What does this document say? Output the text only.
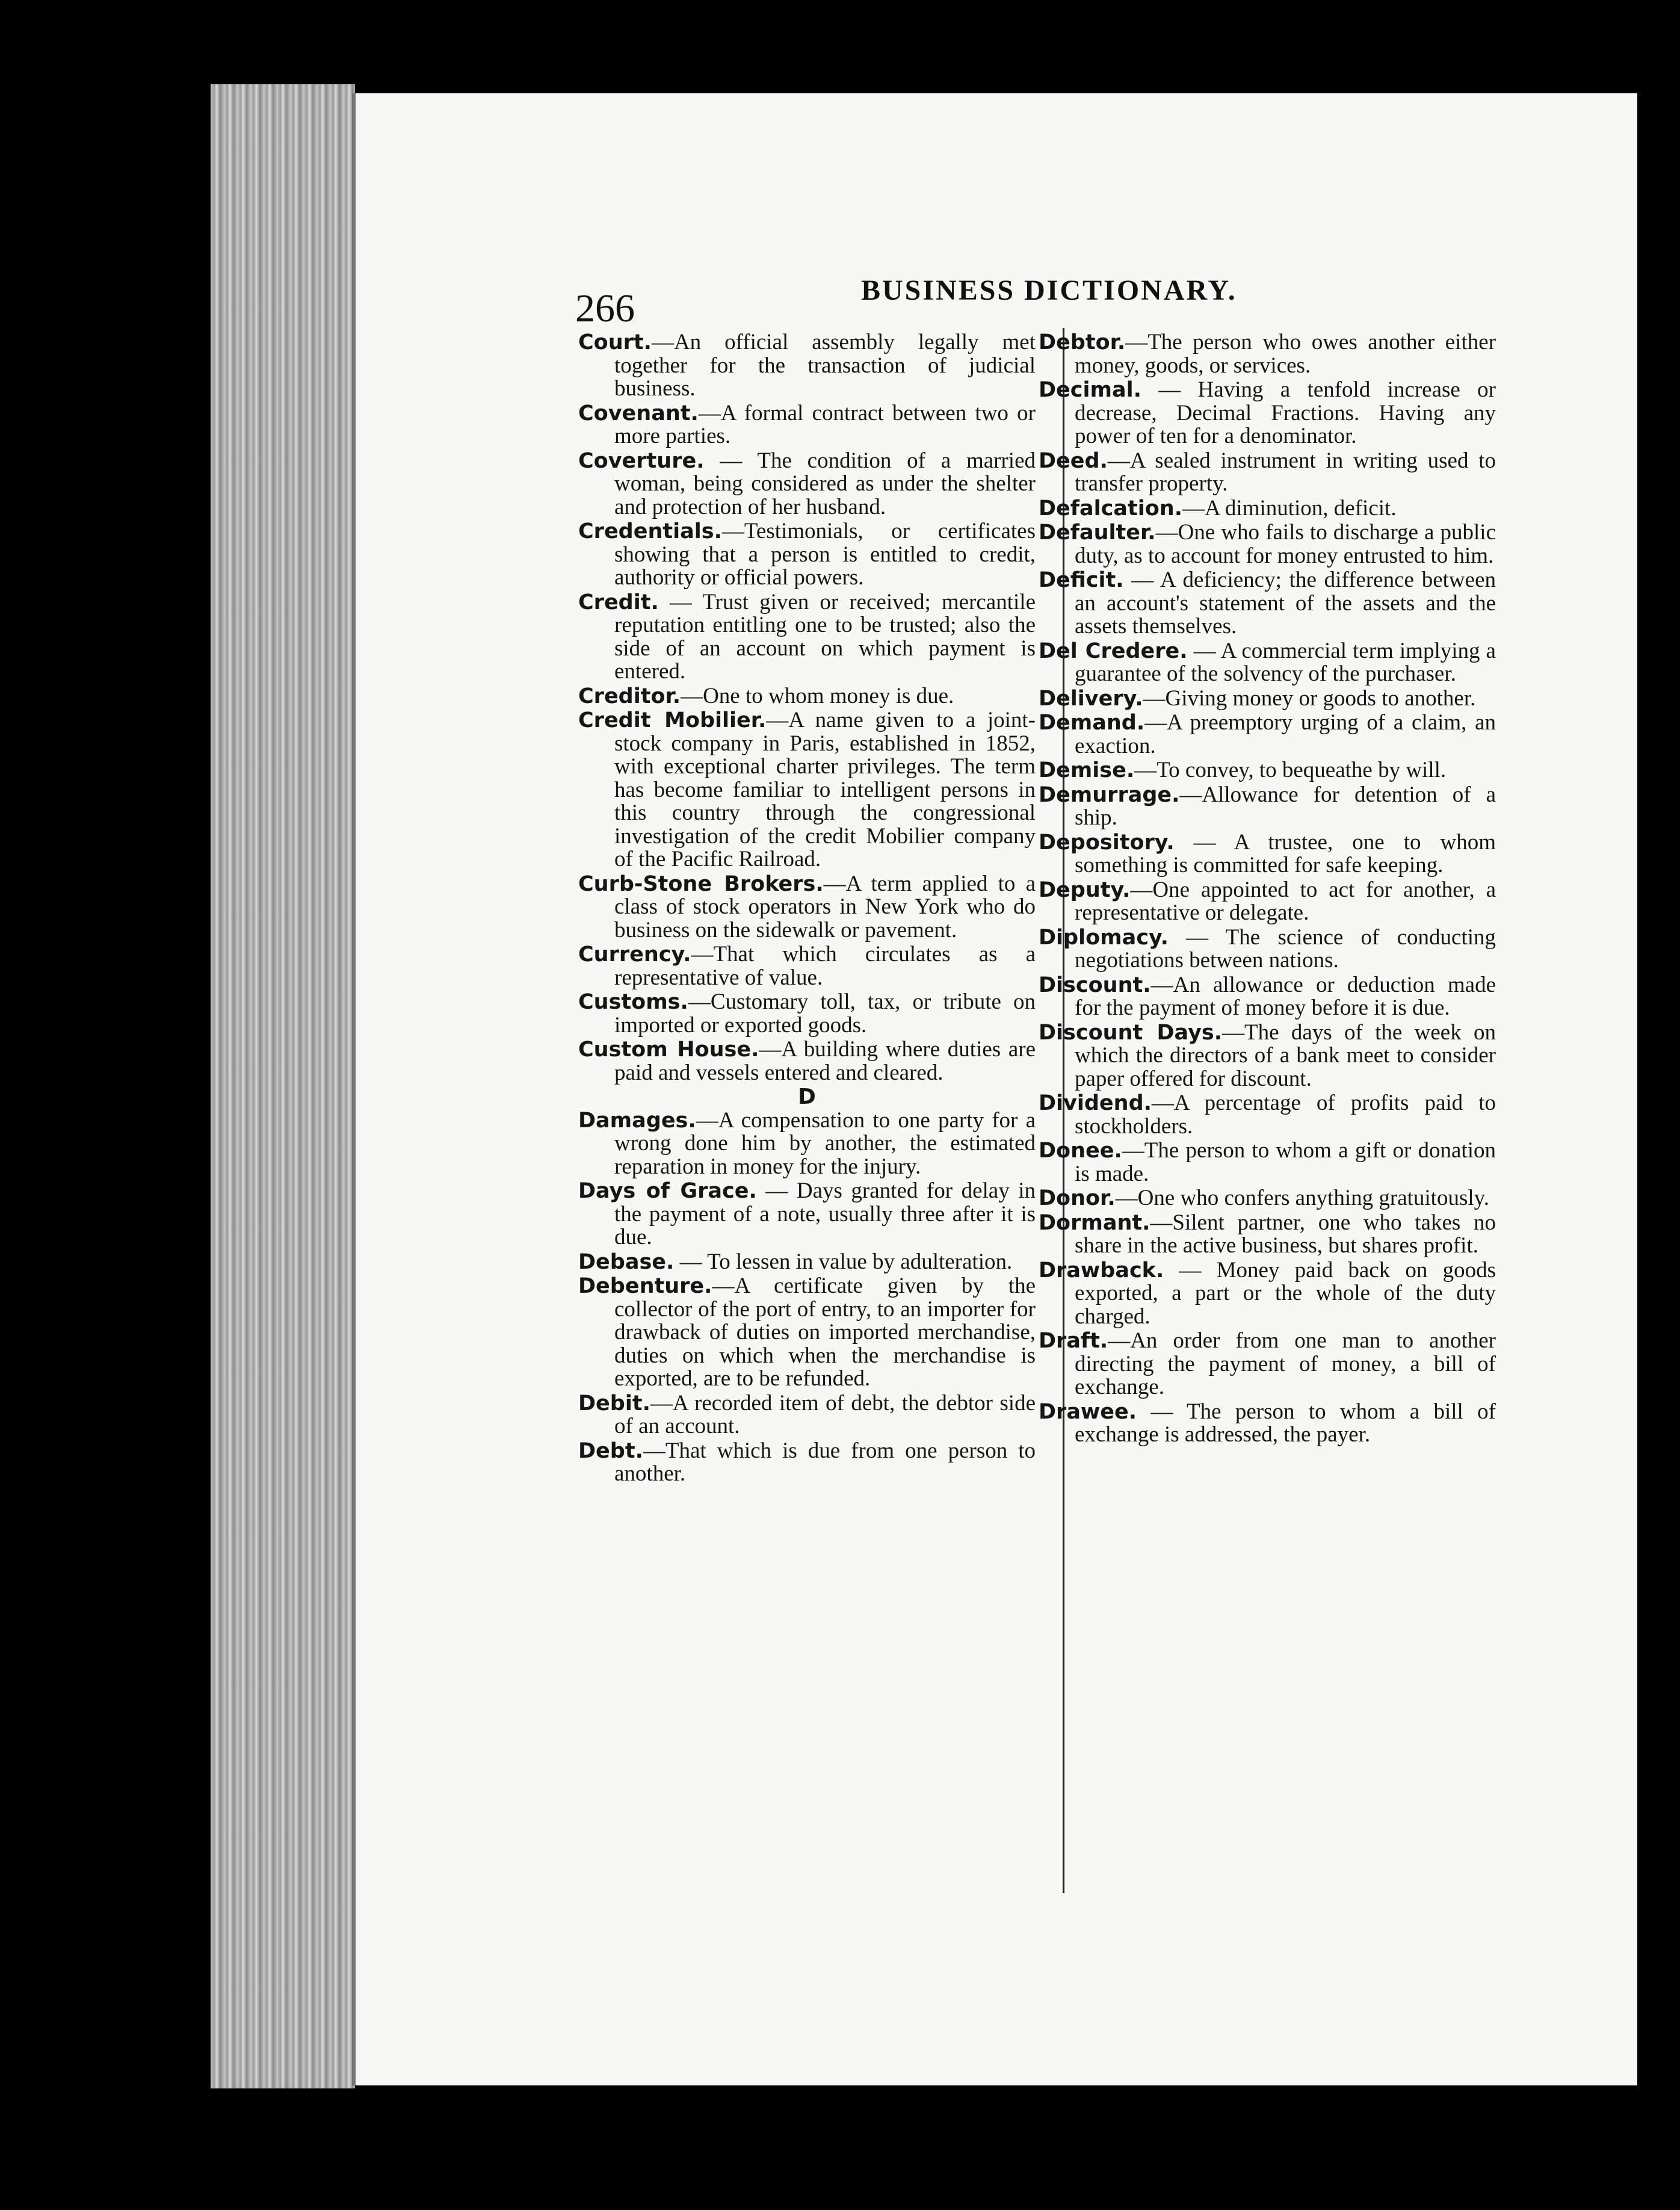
266	BUSINESS DICTIONARY.

Court.—An official assembly legally met together for the transaction of judicial business.

Covenant.—A formal contract between two or more parties.

Coverture. — The condition of a married woman, being considered as under the shelter and protection of her husband.

Credentials.—Testimonials, or certificates showing that a person is entitled to credit, authority or official powers.

Credit. — Trust given or received; mercantile reputation entitling one to be trusted; also the side of an account on which payment is entered.

Creditor.—One to whom money is due.

Credit Mobilier.—A name given to a joint-stock company in Paris, established in 1852, with exceptional charter privileges. The term has become familiar to intelligent persons in this country through the congressional investigation of the credit Mobilier company of the Pacific Railroad.

Curb-Stone Brokers.—A term applied to a class of stock operators in New York who do business on the sidewalk or pavement.

Currency.—That which circulates as a representative of value.

Customs.—Customary toll, tax, or tribute on imported or exported goods.

Custom House.—A building where duties are paid and vessels entered and cleared.

D

Damages.—A compensation to one party for a wrong done him by another, the estimated reparation in money for the injury.

Days of Grace. — Days granted for delay in the payment of a note, usually three after it is due.

Debase. — To lessen in value by adulteration.

Debenture.—A certificate given by the collector of the port of entry, to an importer for drawback of duties on imported merchandise, duties on which when the merchandise is exported, are to be refunded.

Debit.—A recorded item of debt, the debtor side of an account.

Debt.—That which is due from one person to another.

Debtor.—The person who owes another either money, goods, or services.

Decimal. — Having a tenfold increase or decrease, Decimal Fractions. Having any power of ten for a denominator.

Deed.—A sealed instrument in writing used to transfer property.

Defalcation.—A diminution, deficit.

Defaulter.—One who fails to discharge a public duty, as to account for money entrusted to him.

Deficit. — A deficiency; the difference between an account's statement of the assets and the assets themselves.

Del Credere. — A commercial term implying a guarantee of the solvency of the purchaser.

Delivery.—Giving money or goods to another.

Demand.—A preemptory urging of a claim, an exaction.

Demise.—To convey, to bequeathe by will.

Demurrage.—Allowance for detention of a ship.

Depository. — A trustee, one to whom something is committed for safe keeping.

Deputy.—One appointed to act for another, a representative or delegate.

Diplomacy. — The science of conducting negotiations between nations.

Discount.—An allowance or deduction made for the payment of money before it is due.

Discount Days.—The days of the week on which the directors of a bank meet to consider paper offered for discount.

Dividend.—A percentage of profits paid to stockholders.

Donee.—The person to whom a gift or donation is made.

Donor.—One who confers anything gratuitously.

Dormant.—Silent partner, one who takes no share in the active business, but shares profit.

Drawback. — Money paid back on goods exported, a part or the whole of the duty charged.

Draft.—An order from one man to another directing the payment of money, a bill of exchange.

Drawee. — The person to whom a bill of exchange is addressed, the payer.
